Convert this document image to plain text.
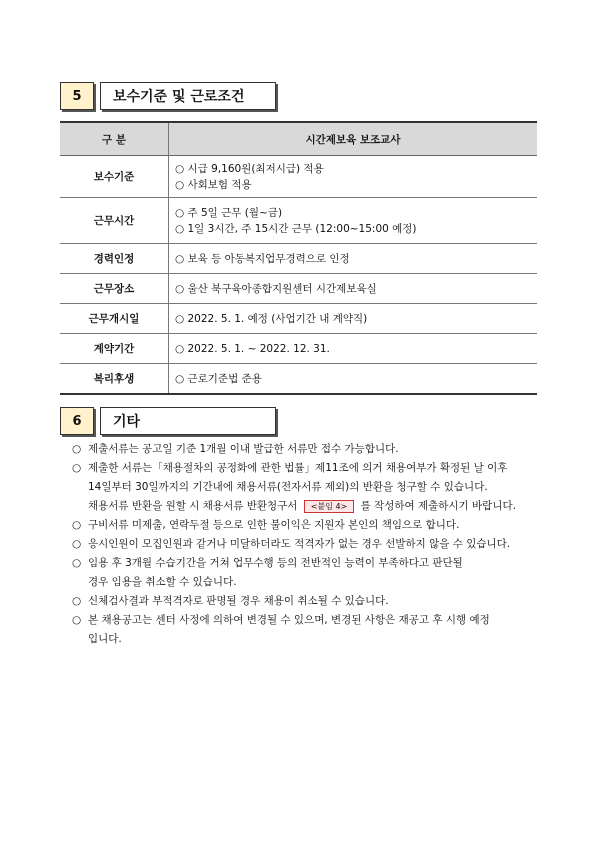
5	보수기준 및 근로조건
구 분	시간제보육 보조교사
보수기준	○ 시급 9,160원(최저시급) 적용
○ 사회보험 적용

근무시간	○ 주 5일 근무 (월~금)
○ 1일 3시간, 주 15시간 근무 (12:00~15:00 예정)

경력인정	○ 보육 등 아동복지업무경력으로 인정
근무장소	○ 울산 북구육아종합지원센터 시간제보육실
근무개시일	○ 2022. 5. 1. 예정 (사업기간 내 계약직)
계약기간	○ 2022. 5. 1. ~ 2022. 12. 31.
복리후생	○ 근로기준법 준용
6	기타
○ 제출서류는 공고일 기준 1개월 이내 발급한 서류만 접수 가능합니다.
○ 제출한 서류는「채용절차의 공정화에 관한 법률」제11조에 의거 채용여부가 확정된 날 이후
14일부터 30일까지의 기간내에 채용서류(전자서류 제외)의 반환을 청구할 수 있습니다.
채용서류 반환을 원할 시 채용서류 반환청구서 <붙임 4> 를 작성하여 제출하시기 바랍니다.
○ 구비서류 미제출, 연락두절 등으로 인한 불이익은 지원자 본인의 책임으로 합니다.
○ 응시인원이 모집인원과 같거나 미달하더라도 적격자가 없는 경우 선발하지 않을 수 있습니다.
○ 임용 후 3개월 수습기간을 거쳐 업무수행 등의 전반적인 능력이 부족하다고 판단될
경우 임용을 취소할 수 있습니다.
○ 신체검사결과 부적격자로 판명될 경우 채용이 취소될 수 있습니다.
○ 본 채용공고는 센터 사정에 의하여 변경될 수 있으며, 변경된 사항은 재공고 후 시행 예정
입니다.
